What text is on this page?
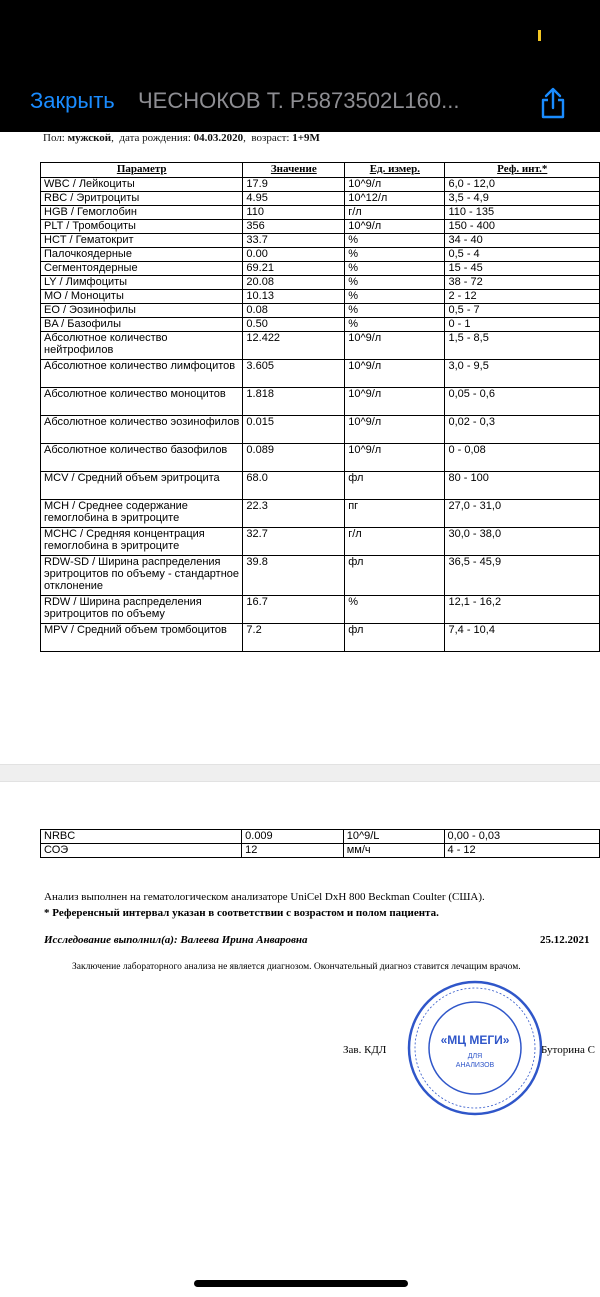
Закрыть ЧЕСНОКОВ Т. Р.5873502L160...
Пол: мужской,  дата рождения: 04.03.2020,  возраст: 1+9М
Параметр	Значение	Ед. измер.	Реф. инт.*
WBC / Лейкоциты	17.9	10^9/л	6,0 - 12,0
RBC / Эритроциты	4.95	10^12/л	3,5 - 4,9
HGB / Гемоглобин	110	г/л	110 - 135
PLT / Тромбоциты	356	10^9/л	150 - 400
HCT / Гематокрит	33.7	%	34 - 40
Палочкоядерные	0.00	%	0,5 - 4
Сегментоядерные	69.21	%	15 - 45
LY / Лимфоциты	20.08	%	38 - 72
MO / Моноциты	10.13	%	2 - 12
EO / Эозинофилы	0.08	%	0,5 - 7
BA / Базофилы	0.50	%	0 - 1
Абсолютное количество нейтрофилов	12.422	10^9/л	1,5 - 8,5
Абсолютное количество лимфоцитов	3.605	10^9/л	3,0 - 9,5
Абсолютное количество моноцитов	1.818	10^9/л	0,05 - 0,6
Абсолютное количество эозинофилов	0.015	10^9/л	0,02 - 0,3
Абсолютное количество базофилов	0.089	10^9/л	0 - 0,08
MCV / Средний объем эритроцита	68.0	фл	80 - 100
MCH / Среднее содержание гемоглобина в эритроците	22.3	пг	27,0 - 31,0
MCHC / Средняя концентрация гемоглобина в эритроците	32.7	г/л	30,0 - 38,0
RDW-SD / Ширина распределения эритроцитов по объему - стандартное отклонение	39.8	фл	36,5 - 45,9
RDW / Ширина распределения эритроцитов по объему	16.7	%	12,1 - 16,2
MPV / Средний объем тромбоцитов	7.2	фл	7,4 - 10,4
NRBC	0.009	10^9/L	0,00 - 0,03
СОЭ	12	мм/ч	4 - 12
Анализ выполнен на гематологическом анализаторе UniCel DxH 800 Beckman Coulter (США).
* Референсный интервал указан в соответствии с возрастом и полом пациента.
Исследование выполнил(а): Валеева Ирина Анваровна	25.12.2021
Заключение лабораторного анализа не является диагнозом. Окончательный диагноз ставится лечащим врачом.
Зав. КДЛ	Буторина С
«МЦ МЕГИ»
ДЛЯ
АНАЛИЗОВ
